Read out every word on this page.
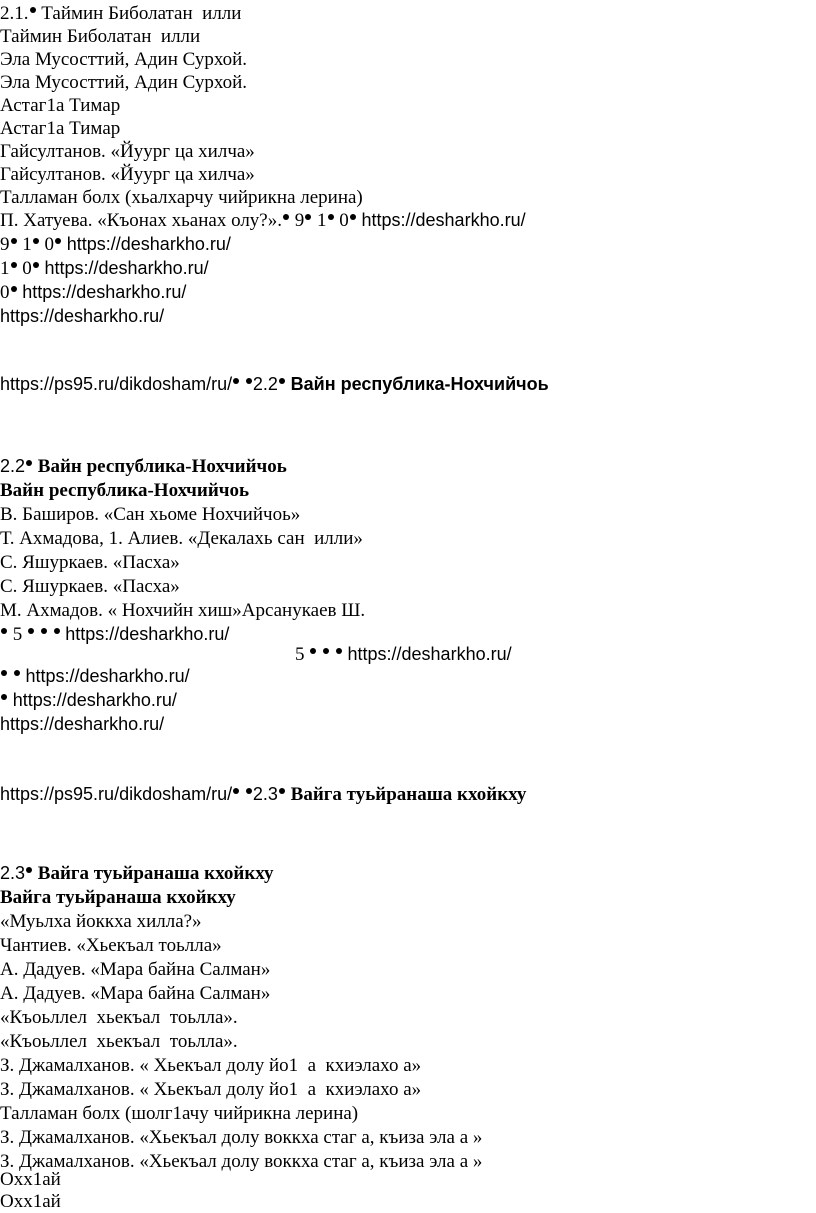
2.1. Таймин Биболатан  илли
Таймин Биболатан  илли
Эла Мусосттий, Адин Сурхой.
Эла Мусосттий, Адин Сурхой.
Астаг1а Тимар
Астаг1а Тимар
Гайсултанов. «Йуург ца хилча»
Гайсултанов. «Йуург ца хилча»
Талламан болх (хьалхарчу чийрикна лерина)
П. Хатуева. «Къонах хьанах олу?». 9 1 0 https://desharkho.ru/
9 1 0 https://desharkho.ru/
1 0 https://desharkho.ru/
0 https://desharkho.ru/
https://desharkho.ru/
https://ps95.ru/dikdosham/ru/ 2.2 Вайн республика-Нохчийчоь
2.2 Вайн республика-Нохчийчоь
Вайн республика-Нохчийчоь
В. Баширов. «Сан хьоме Нохчийчоь»
Т. Ахмадова, 1. Алиев. «Декалахь сан  илли»
С. Яшуркаев. «Пасха»
С. Яшуркаев. «Пасха»
М. Ахмадов. « Нохчийн хиш»Арсанукаев Ш.
5 https://desharkho.ru/
5 https://desharkho.ru/
https://desharkho.ru/
https://desharkho.ru/
https://desharkho.ru/
https://ps95.ru/dikdosham/ru/ 2.3 Вайга туьйранаша кхойкху
2.3 Вайга туьйранаша кхойкху
Вайга туьйранаша кхойкху
«Муьлха йоккха хилла?»
Чантиев. «Хьекъал тоьлла»
А. Дадуев. «Мара байна Салман»
А. Дадуев. «Мара байна Салман»
«Къоьллел  хьекъал  тоьлла».
«Къоьллел  хьекъал  тоьлла».
З. Джамалханов. « Хьекъал долу йо1  а  кхиэлахо а»
З. Джамалханов. « Хьекъал долу йо1  а  кхиэлахо а»
Талламан болх (шолг1ачу чийрикна лерина)
З. Джамалханов. «Хьекъал долу воккха стаг а, къиза эла а »
З. Джамалханов. «Хьекъал долу воккха стаг а, къиза эла а »
Охх1ай
Охх1ай
